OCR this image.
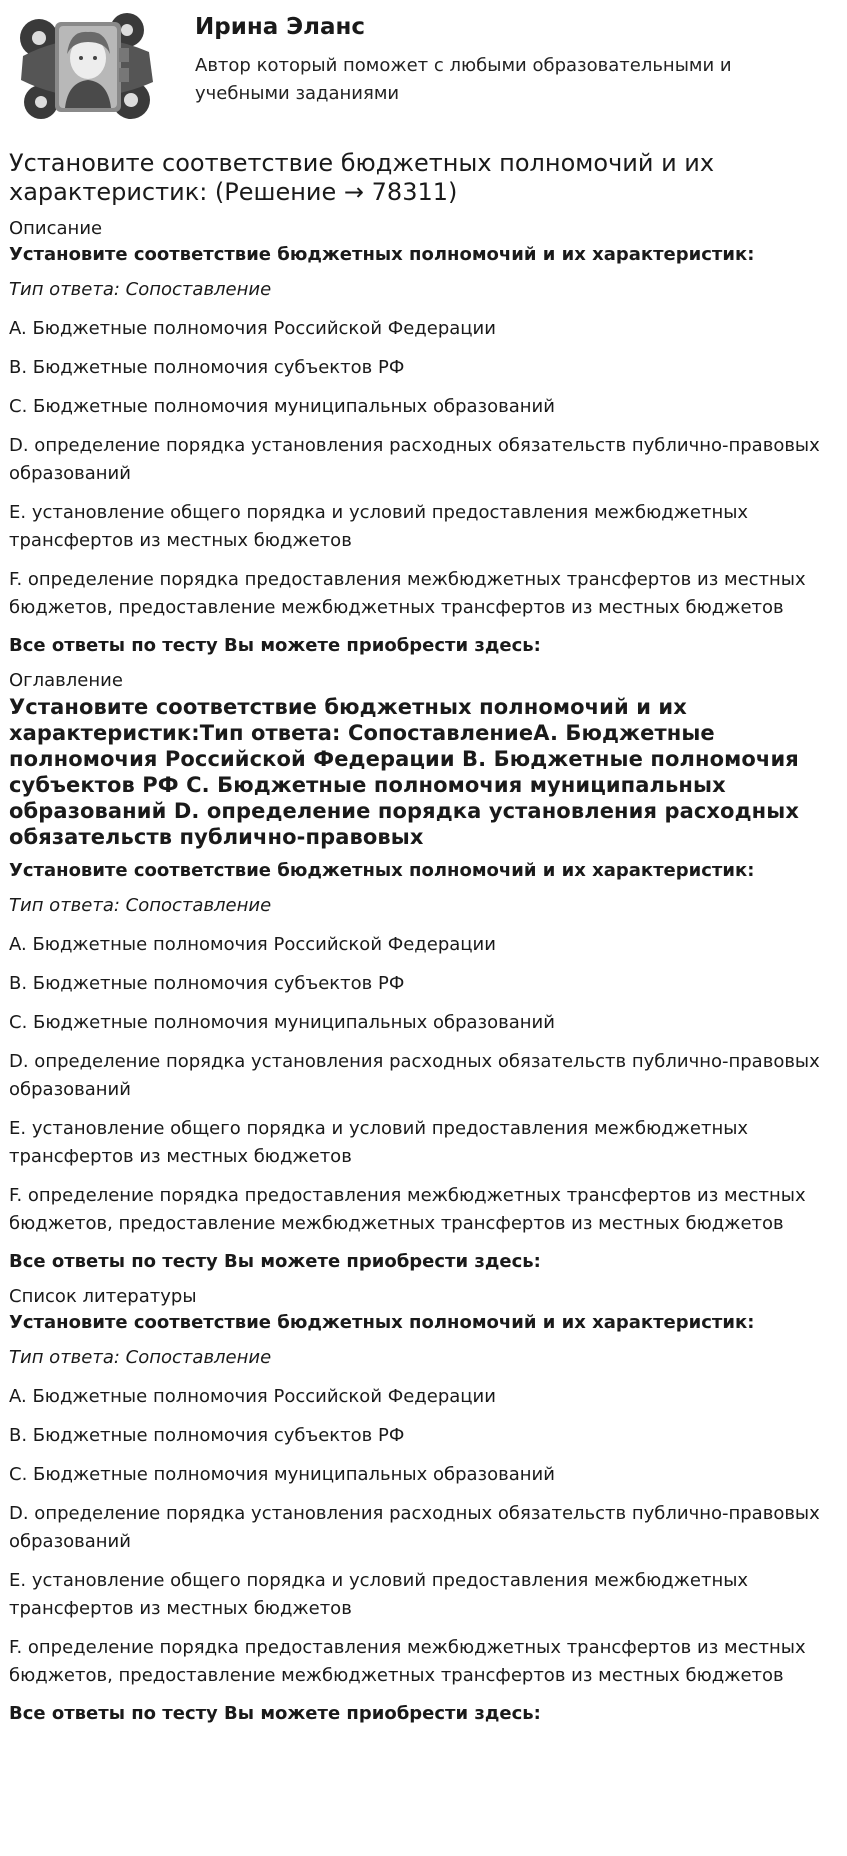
Ирина Эланс

Автор который поможет с любыми образовательными и учебными заданиями

Установите соответствие бюджетных полномочий и их характеристик: (Решение → 78311)

Описание

Установите соответствие бюджетных полномочий и их характеристик:

Тип ответа: Сопоставление

A. Бюджетные полномочия Российской Федерации

B. Бюджетные полномочия субъектов РФ

C. Бюджетные полномочия муниципальных образований

D. определение порядка установления расходных обязательств публично-правовых образований

E. установление общего порядка и условий предоставления межбюджетных трансфертов из местных бюджетов

F. определение порядка предоставления межбюджетных трансфертов из местных бюджетов, предоставление межбюджетных трансфертов из местных бюджетов

Все ответы по тесту Вы можете приобрести здесь:

Оглавление

Установите соответствие бюджетных полномочий и их характеристик:Тип ответа: СопоставлениеA. Бюджетные полномочия Российской Федерации B. Бюджетные полномочия субъектов РФ C. Бюджетные полномочия муниципальных образований D. определение порядка установления расходных обязательств публично-правовых

Установите соответствие бюджетных полномочий и их характеристик:

Тип ответа: Сопоставление

A. Бюджетные полномочия Российской Федерации

B. Бюджетные полномочия субъектов РФ

C. Бюджетные полномочия муниципальных образований

D. определение порядка установления расходных обязательств публично-правовых образований

E. установление общего порядка и условий предоставления межбюджетных трансфертов из местных бюджетов

F. определение порядка предоставления межбюджетных трансфертов из местных бюджетов, предоставление межбюджетных трансфертов из местных бюджетов

Все ответы по тесту Вы можете приобрести здесь:

Список литературы

Установите соответствие бюджетных полномочий и их характеристик:

Тип ответа: Сопоставление

A. Бюджетные полномочия Российской Федерации

B. Бюджетные полномочия субъектов РФ

C. Бюджетные полномочия муниципальных образований

D. определение порядка установления расходных обязательств публично-правовых образований

E. установление общего порядка и условий предоставления межбюджетных трансфертов из местных бюджетов

F. определение порядка предоставления межбюджетных трансфертов из местных бюджетов, предоставление межбюджетных трансфертов из местных бюджетов

Все ответы по тесту Вы можете приобрести здесь:
